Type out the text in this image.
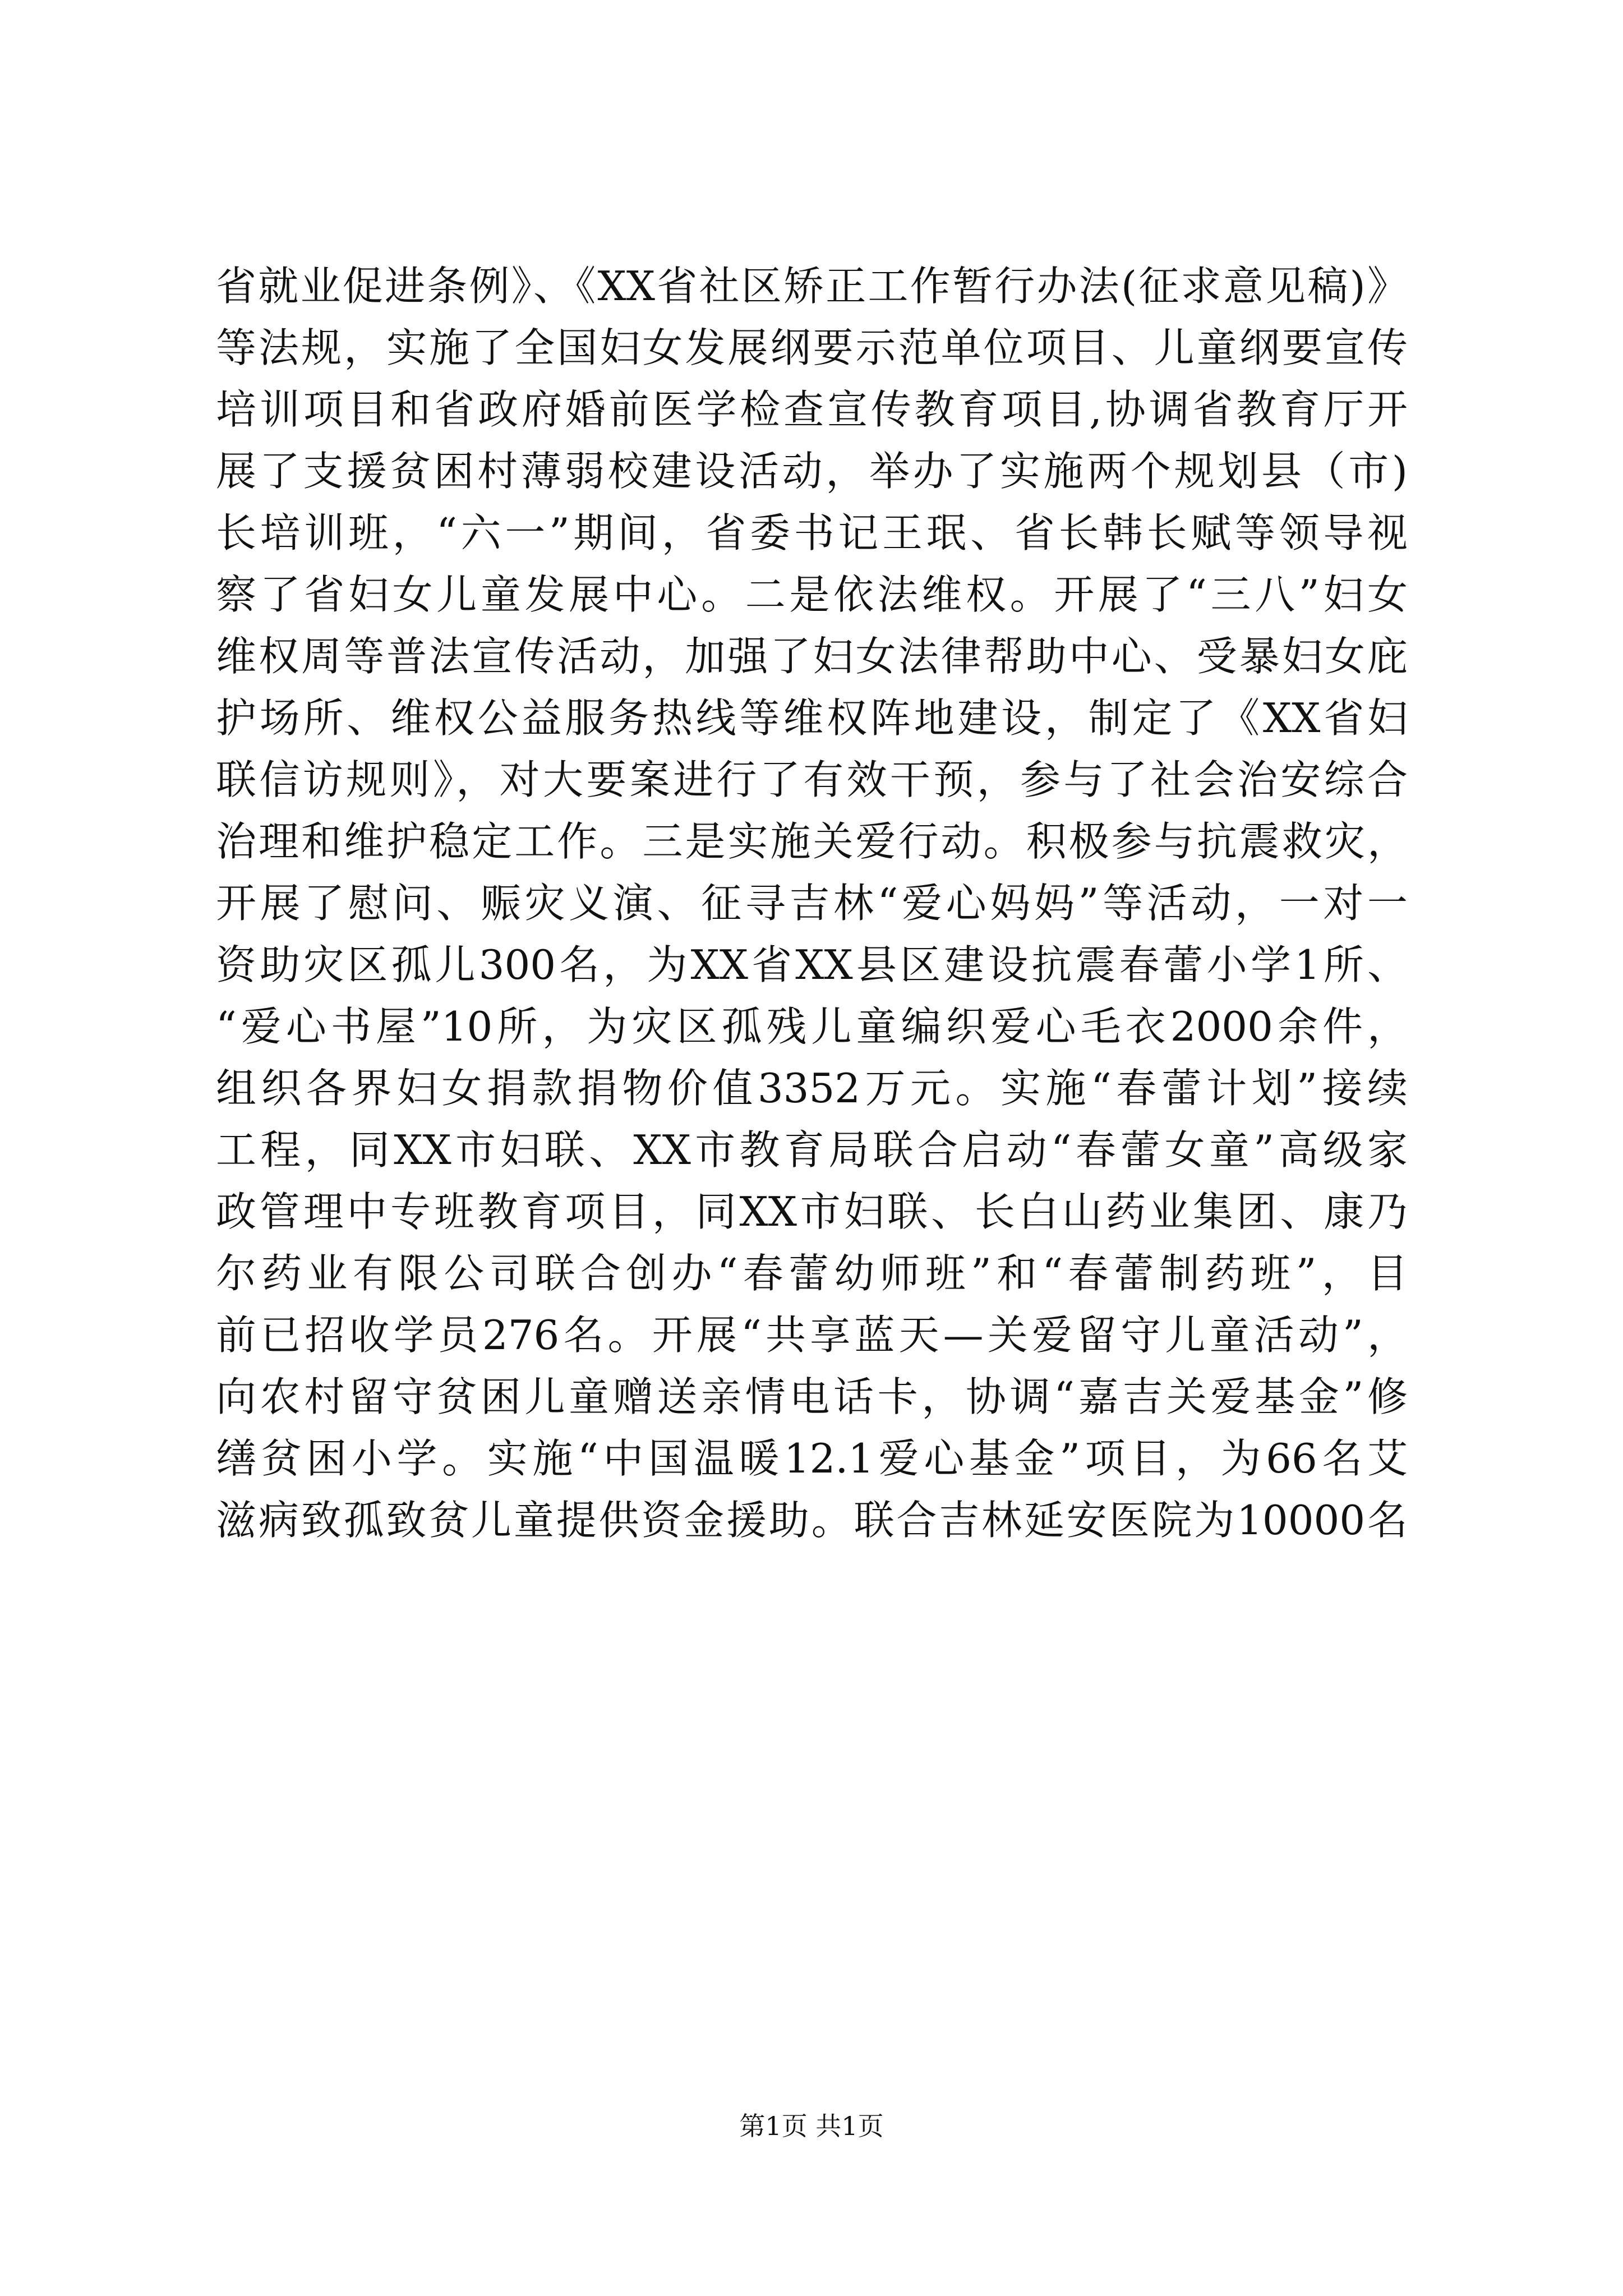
省就业促进条例》、《XX省社区矫正工作暂行办法(征求意见稿)》
等法规，实施了全国妇女发展纲要示范单位项目、儿童纲要宣传
培训项目和省政府婚前医学检查宣传教育项目,协调省教育厅开
展了支援贫困村薄弱校建设活动，举办了实施两个规划县（市)
长培训班，“六一”期间，省委书记王珉、省长韩长赋等领导视
察了省妇女儿童发展中心。二是依法维权。开展了“三八”妇女
维权周等普法宣传活动，加强了妇女法律帮助中心、受暴妇女庇
护场所、维权公益服务热线等维权阵地建设，制定了《XX省妇
联信访规则》，对大要案进行了有效干预，参与了社会治安综合
治理和维护稳定工作。三是实施关爱行动。积极参与抗震救灾，
开展了慰问、赈灾义演、征寻吉林“爱心妈妈”等活动，一对一
资助灾区孤儿300名，为XX省XX县区建设抗震春蕾小学1所、
“爱心书屋”10所，为灾区孤残儿童编织爱心毛衣2000余件，
组织各界妇女捐款捐物价值3352万元。实施“春蕾计划”接续
工程，同XX市妇联、XX市教育局联合启动“春蕾女童”高级家
政管理中专班教育项目，同XX市妇联、长白山药业集团、康乃
尔药业有限公司联合创办“春蕾幼师班”和“春蕾制药班”，目
前已招收学员276名。开展“共享蓝天—关爱留守儿童活动”，
向农村留守贫困儿童赠送亲情电话卡，协调“嘉吉关爱基金”修
缮贫困小学。实施“中国温暖12.1爱心基金”项目，为66名艾
滋病致孤致贫儿童提供资金援助。联合吉林延安医院为10000名
第1页 共1页
